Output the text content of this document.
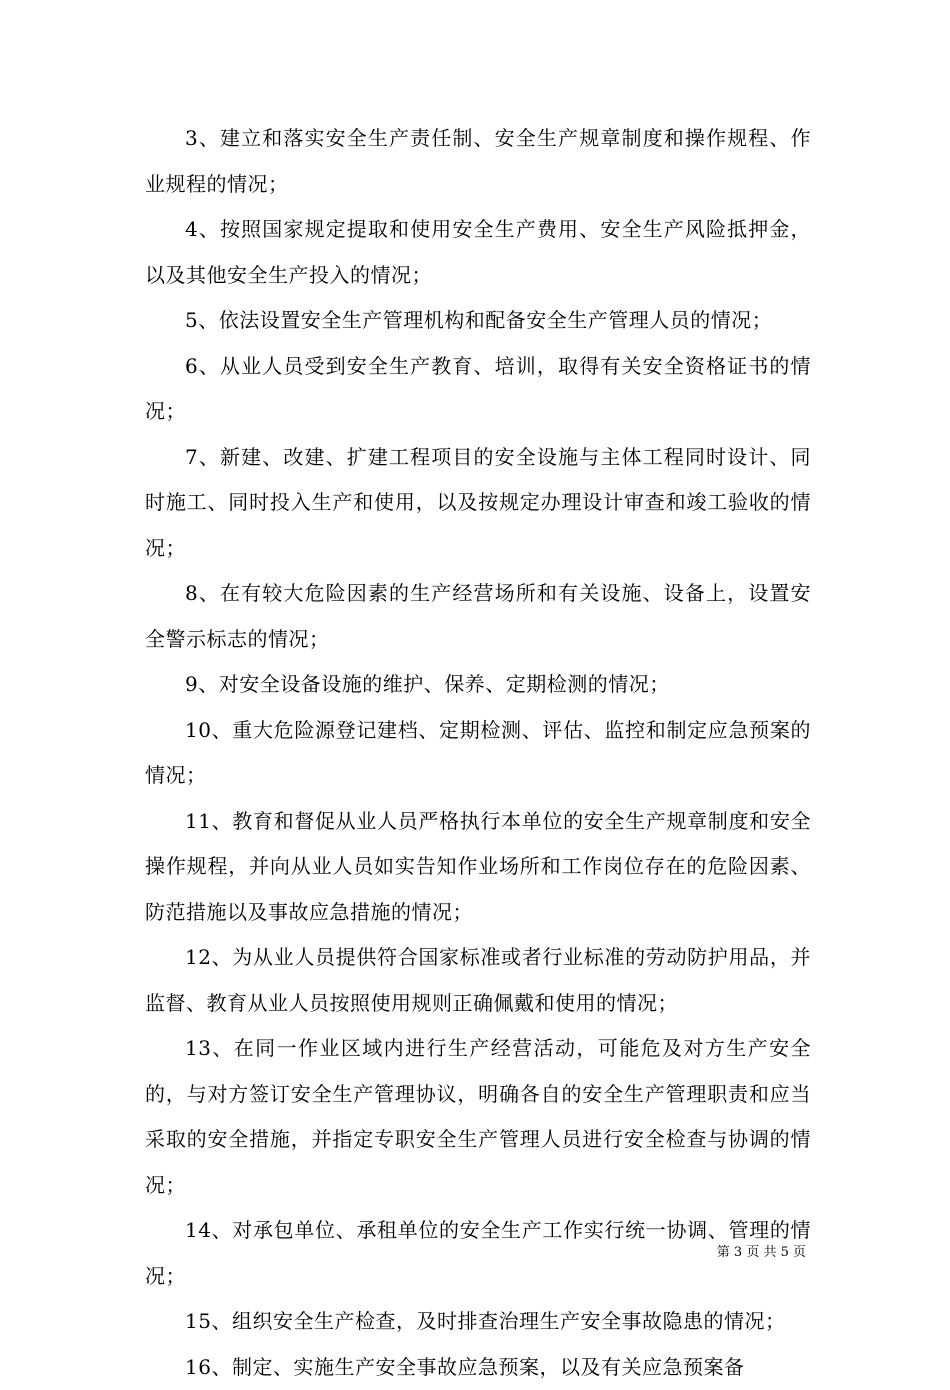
3、建立和落实安全生产责任制、安全生产规章制度和操作规程、作业规程的情况；

4、按照国家规定提取和使用安全生产费用、安全生产风险抵押金，以及其他安全生产投入的情况；

5、依法设置安全生产管理机构和配备安全生产管理人员的情况；

6、从业人员受到安全生产教育、培训，取得有关安全资格证书的情况；

7、新建、改建、扩建工程项目的安全设施与主体工程同时设计、同时施工、同时投入生产和使用，以及按规定办理设计审查和竣工验收的情况；

8、在有较大危险因素的生产经营场所和有关设施、设备上，设置安全警示标志的情况；

9、对安全设备设施的维护、保养、定期检测的情况；

10、重大危险源登记建档、定期检测、评估、监控和制定应急预案的情况；

11、教育和督促从业人员严格执行本单位的安全生产规章制度和安全操作规程，并向从业人员如实告知作业场所和工作岗位存在的危险因素、防范措施以及事故应急措施的情况；

12、为从业人员提供符合国家标准或者行业标准的劳动防护用品，并监督、教育从业人员按照使用规则正确佩戴和使用的情况；

13、在同一作业区域内进行生产经营活动，可能危及对方生产安全的，与对方签订安全生产管理协议，明确各自的安全生产管理职责和应当采取的安全措施，并指定专职安全生产管理人员进行安全检查与协调的情况；

14、对承包单位、承租单位的安全生产工作实行统一协调、管理的情况；

15、组织安全生产检查，及时排查治理生产安全事故隐患的情况；

16、制定、实施生产安全事故应急预案，以及有关应急预案备

第 3 页 共 5 页
